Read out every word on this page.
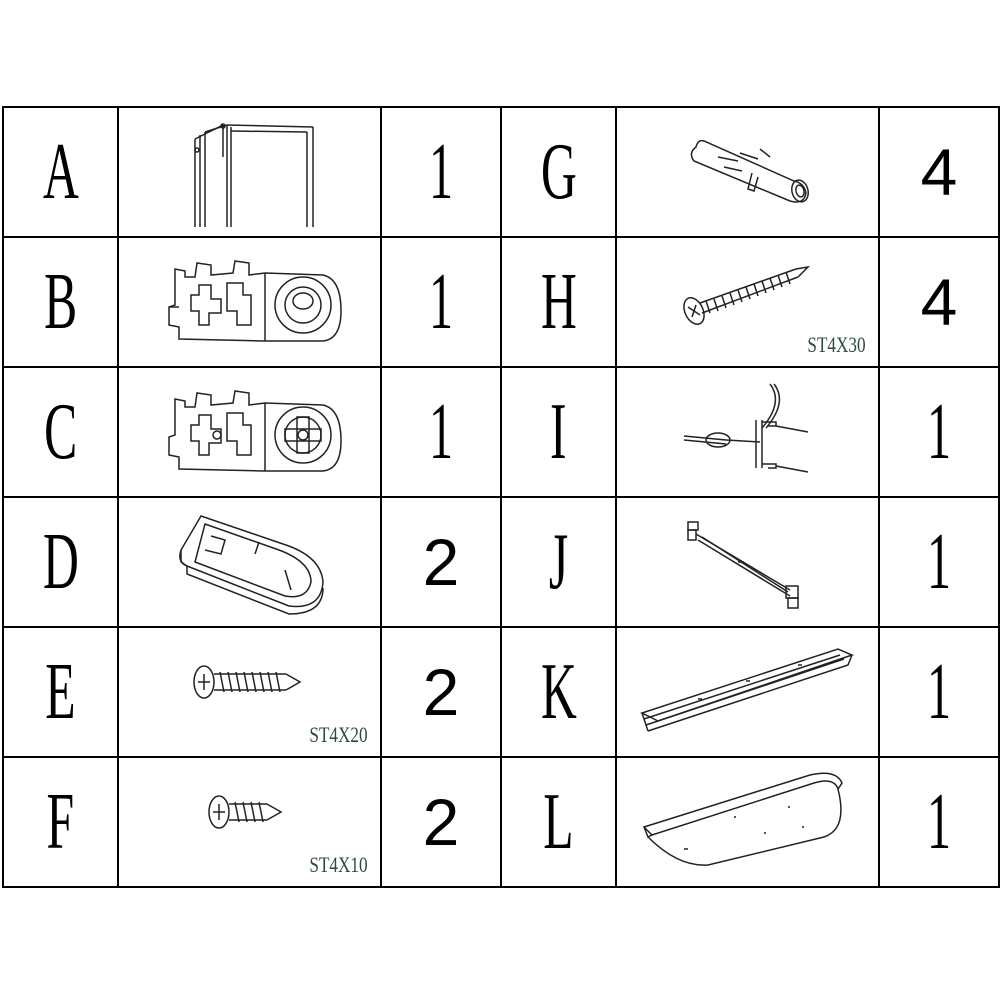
A		1	G		4
B		1	H	ST4X30	4
C		1	I		1
D		2	J		1
E	ST4X20	2	K		1
F	ST4X10	2	L		1
